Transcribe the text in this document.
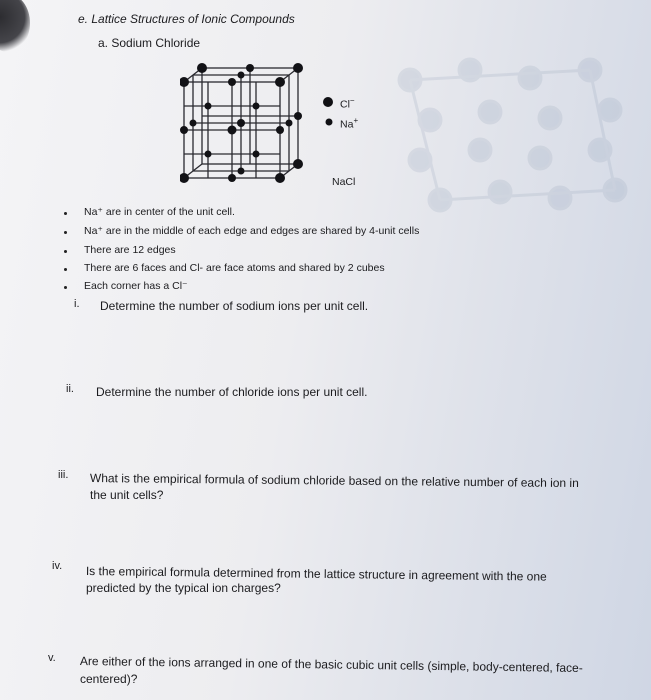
e. Lattice Structures of Ionic Compounds
a. Sodium Chloride
Cl−
Na+
NaCl
Na⁺ are in center of the unit cell.
Na⁺ are in the middle of each edge and edges are shared by 4-unit cells
There are 12 edges
There are 6 faces and Cl- are face atoms and shared by 2 cubes
Each corner has a Cl⁻
i. Determine the number of sodium ions per unit cell.
ii. Determine the number of chloride ions per unit cell.
iii. What is the empirical formula of sodium chloride based on the relative number of each ion in
the unit cells?
iv. Is the empirical formula determined from the lattice structure in agreement with the one
predicted by the typical ion charges?
v. Are either of the ions arranged in one of the basic cubic unit cells (simple, body-centered, face-
centered)?
